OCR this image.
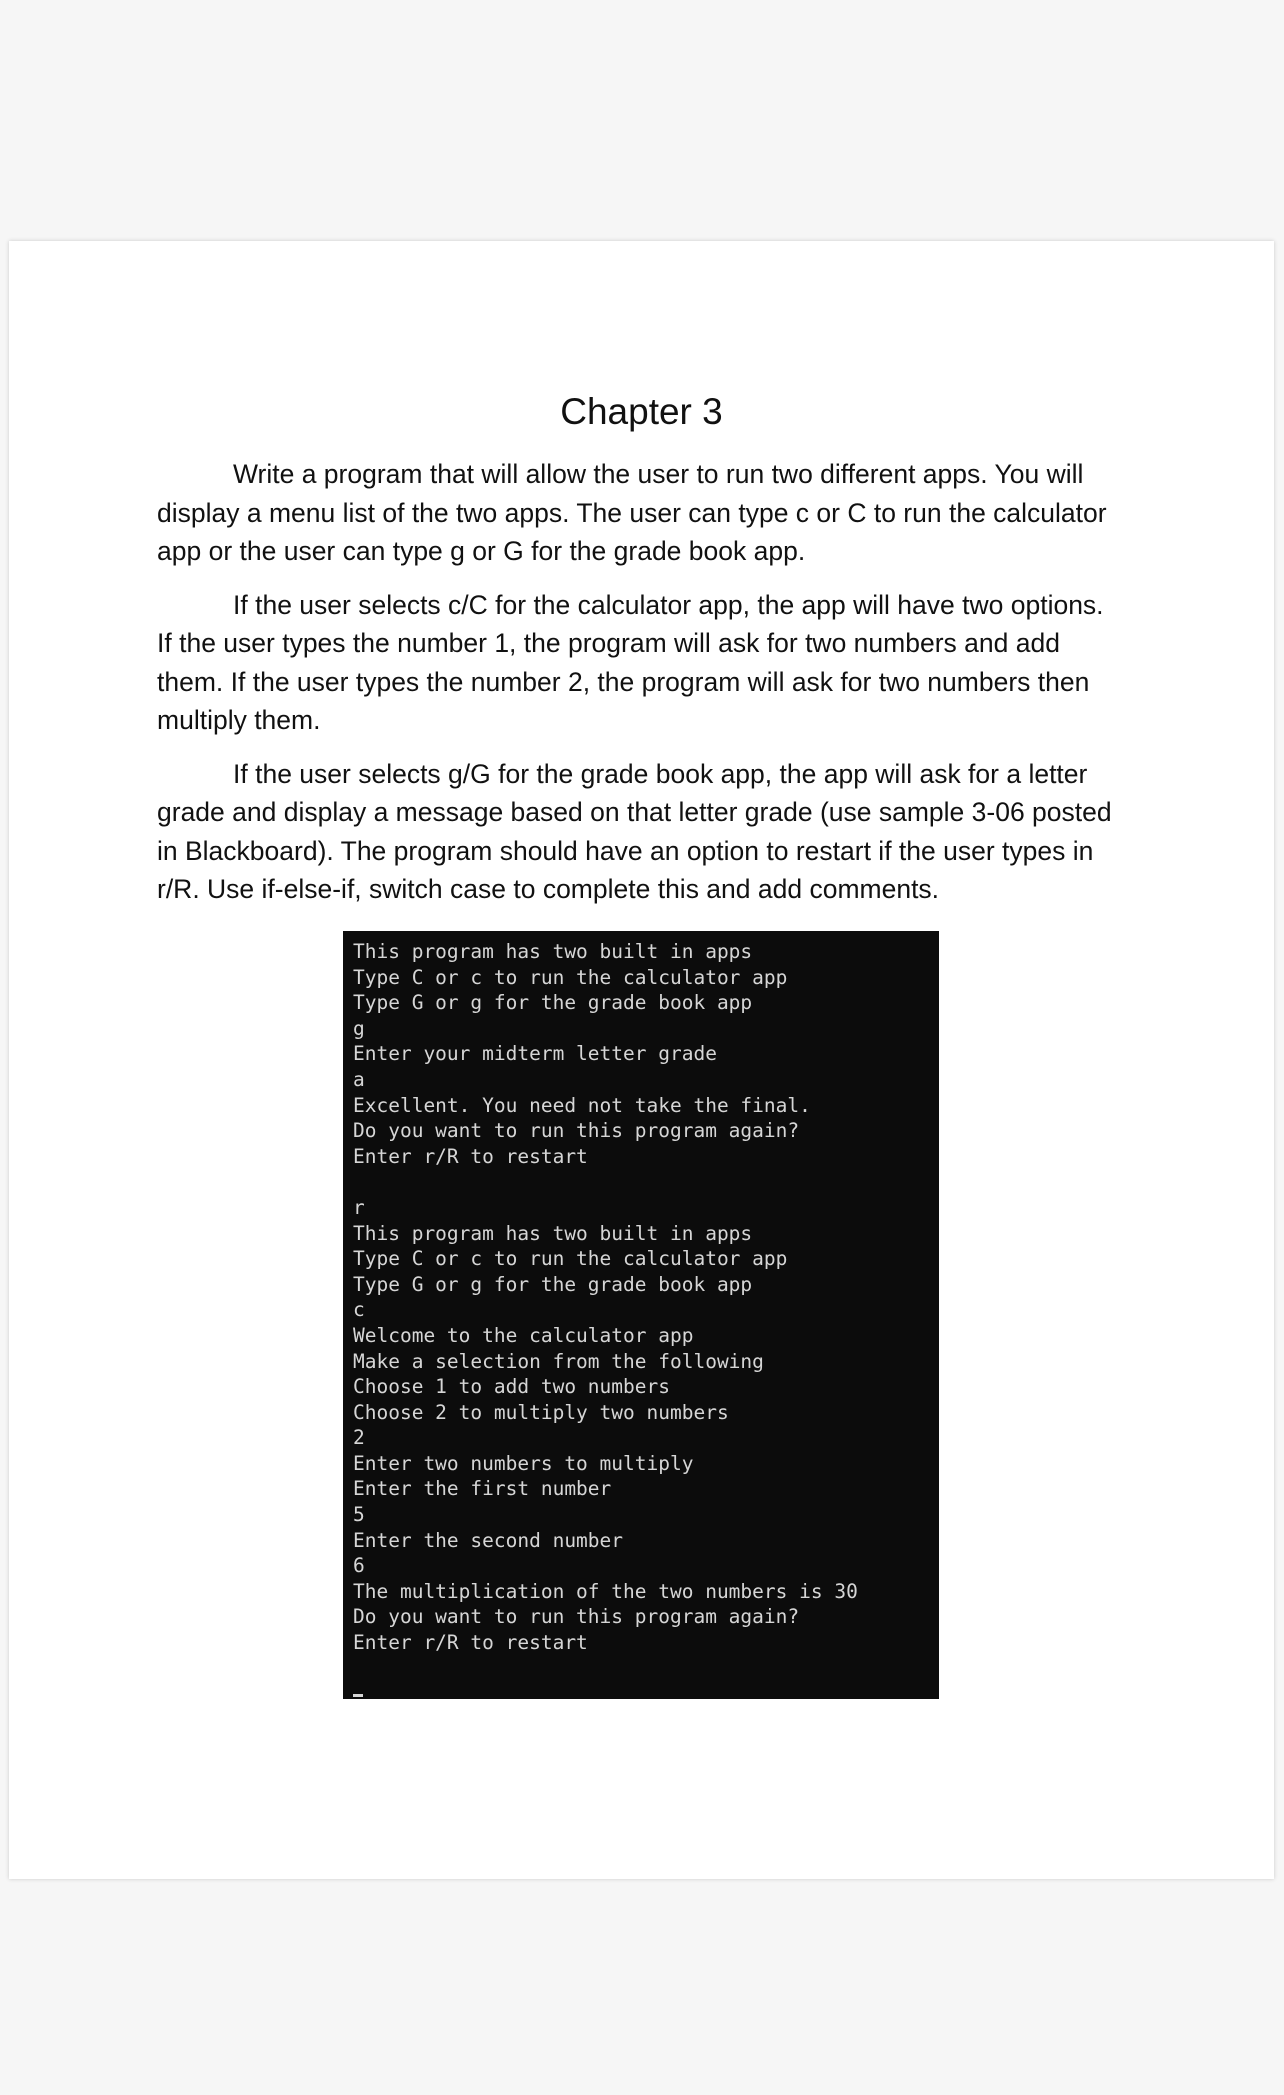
Chapter 3

Write a program that will allow the user to run two different apps. You will display a menu list of the two apps. The user can type c or C to run the calculator app or the user can type g or G for the grade book app.

If the user selects c/C for the calculator app, the app will have two options. If the user types the number 1, the program will ask for two numbers and add them. If the user types the number 2, the program will ask for two numbers then multiply them.

If the user selects g/G for the grade book app, the app will ask for a letter grade and display a message based on that letter grade (use sample 3-06 posted in Blackboard). The program should have an option to restart if the user types in r/R. Use if-else-if, switch case to complete this and add comments.

This program has two built in apps
Type C or c to run the calculator app
Type G or g for the grade book app
g
Enter your midterm letter grade
a
Excellent. You need not take the final.
Do you want to run this program again?
Enter r/R to restart
r
This program has two built in apps
Type C or c to run the calculator app
Type G or g for the grade book app
c
Welcome to the calculator app
Make a selection from the following
Choose 1 to add two numbers
Choose 2 to multiply two numbers
2
Enter two numbers to multiply
Enter the first number
5
Enter the second number
6
The multiplication of the two numbers is 30
Do you want to run this program again?
Enter r/R to restart
